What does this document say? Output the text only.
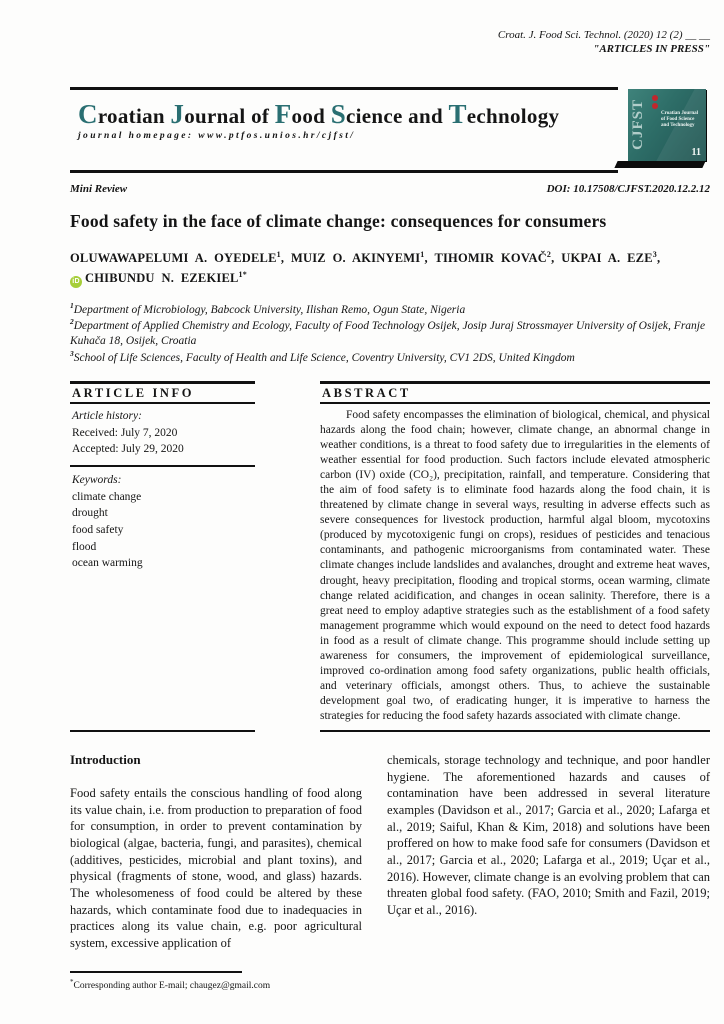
Croat. J. Food Sci. Technol. (2020) 12 (2) __ __
"ARTICLES IN PRESS"
Croatian Journal of Food Science and Technology
journal homepage: www.ptfos.unios.hr/cjfst/	CJFST	Croatian Journal of Food Science and Technology
11
Mini Review	DOI: 10.17508/CJFST.2020.12.2.12
Food safety in the face of climate change: consequences for consumers
OLUWAWAPELUMI A. OYEDELE$^1$, MUIZ O. AKINYEMI$^1$, TIHOMIR KOVAČ$^2$, UKPAI A. EZE$^3$,
iD CHIBUNDU N. $EZEKIEL^{1*}$
$^1$Department of Microbiology, Babcock University, Ilishan Remo, Ogun State, Nigeria
$^2$Department of Applied Chemistry and Ecology, Faculty of Food Technology Osijek, Josip Juraj Strossmayer University of Osijek, Franje Kuhača 18, Osijek, Croatia
$^3$School of Life Sciences, Faculty of Health and Life Science, Coventry University, CV1 2DS, United Kingdom
ARTICLE INFO
Article history:
Received: July 7, 2020
Accepted: July 29, 2020
Keywords:
climate change
drought
food safety
flood
ocean warming
ABSTRACT

Food safety encompasses the elimination of biological, chemical, and physical hazards along the food chain; however, climate change, an abnormal change in weather conditions, is a threat to food safety due to irregularities in the elements of weather essential for food production. Such factors include elevated atmospheric carbon (IV) oxide (CO₂), precipitation, rainfall, and temperature. Considering that the aim of food safety is to eliminate food hazards along the food chain, it is threatened by climate change in several ways, resulting in adverse effects such as severe consequences for livestock production, harmful algal bloom, mycotoxins (produced by mycotoxigenic fungi on crops), residues of pesticides and tenacious contaminants, and pathogenic microorganisms from contaminated water. These climate changes include landslides and avalanches, drought and extreme heat waves, drought, heavy precipitation, flooding and tropical storms, ocean warming, climate change related acidification, and changes in ocean salinity. Therefore, there is a great need to employ adaptive strategies such as the establishment of a food safety management programme which would expound on the need to detect food hazards in food as a result of climate change. This programme should include setting up awareness for consumers, the improvement of epidemiological surveillance, improved co-ordination among food safety organizations, public health officials, and veterinary officials, amongst others. Thus, to achieve the sustainable development goal two, of eradicating hunger, it is imperative to harness the strategies for reducing the food safety hazards associated with climate change.

Introduction

Food safety entails the conscious handling of food along its value chain, i.e. from production to preparation of food for consumption, in order to prevent contamination by biological (algae, bacteria, fungi, and parasites), chemical (additives, pesticides, microbial and plant toxins), and physical (fragments of stone, wood, and glass) hazards. The wholesomeness of food could be altered by these hazards, which contaminate food due to inadequacies in practices along its value chain, e.g. poor agricultural system, excessive application of

*Corresponding author E-mail; chaugez@gmail.com

chemicals, storage technology and technique, and poor handler hygiene. The aforementioned hazards and causes of contamination have been addressed in several literature examples (Davidson et al., 2017; Garcia et al., 2020; Lafarga et al., 2019; Saiful, Khan & Kim, 2018) and solutions have been proffered on how to make food safe for consumers (Davidson et al., 2017; Garcia et al., 2020; Lafarga et al., 2019; Uçar et al., 2016). However, climate change is an evolving problem that can threaten global food safety. (FAO, 2010; Smith and Fazil, 2019; Uçar et al., 2016).
